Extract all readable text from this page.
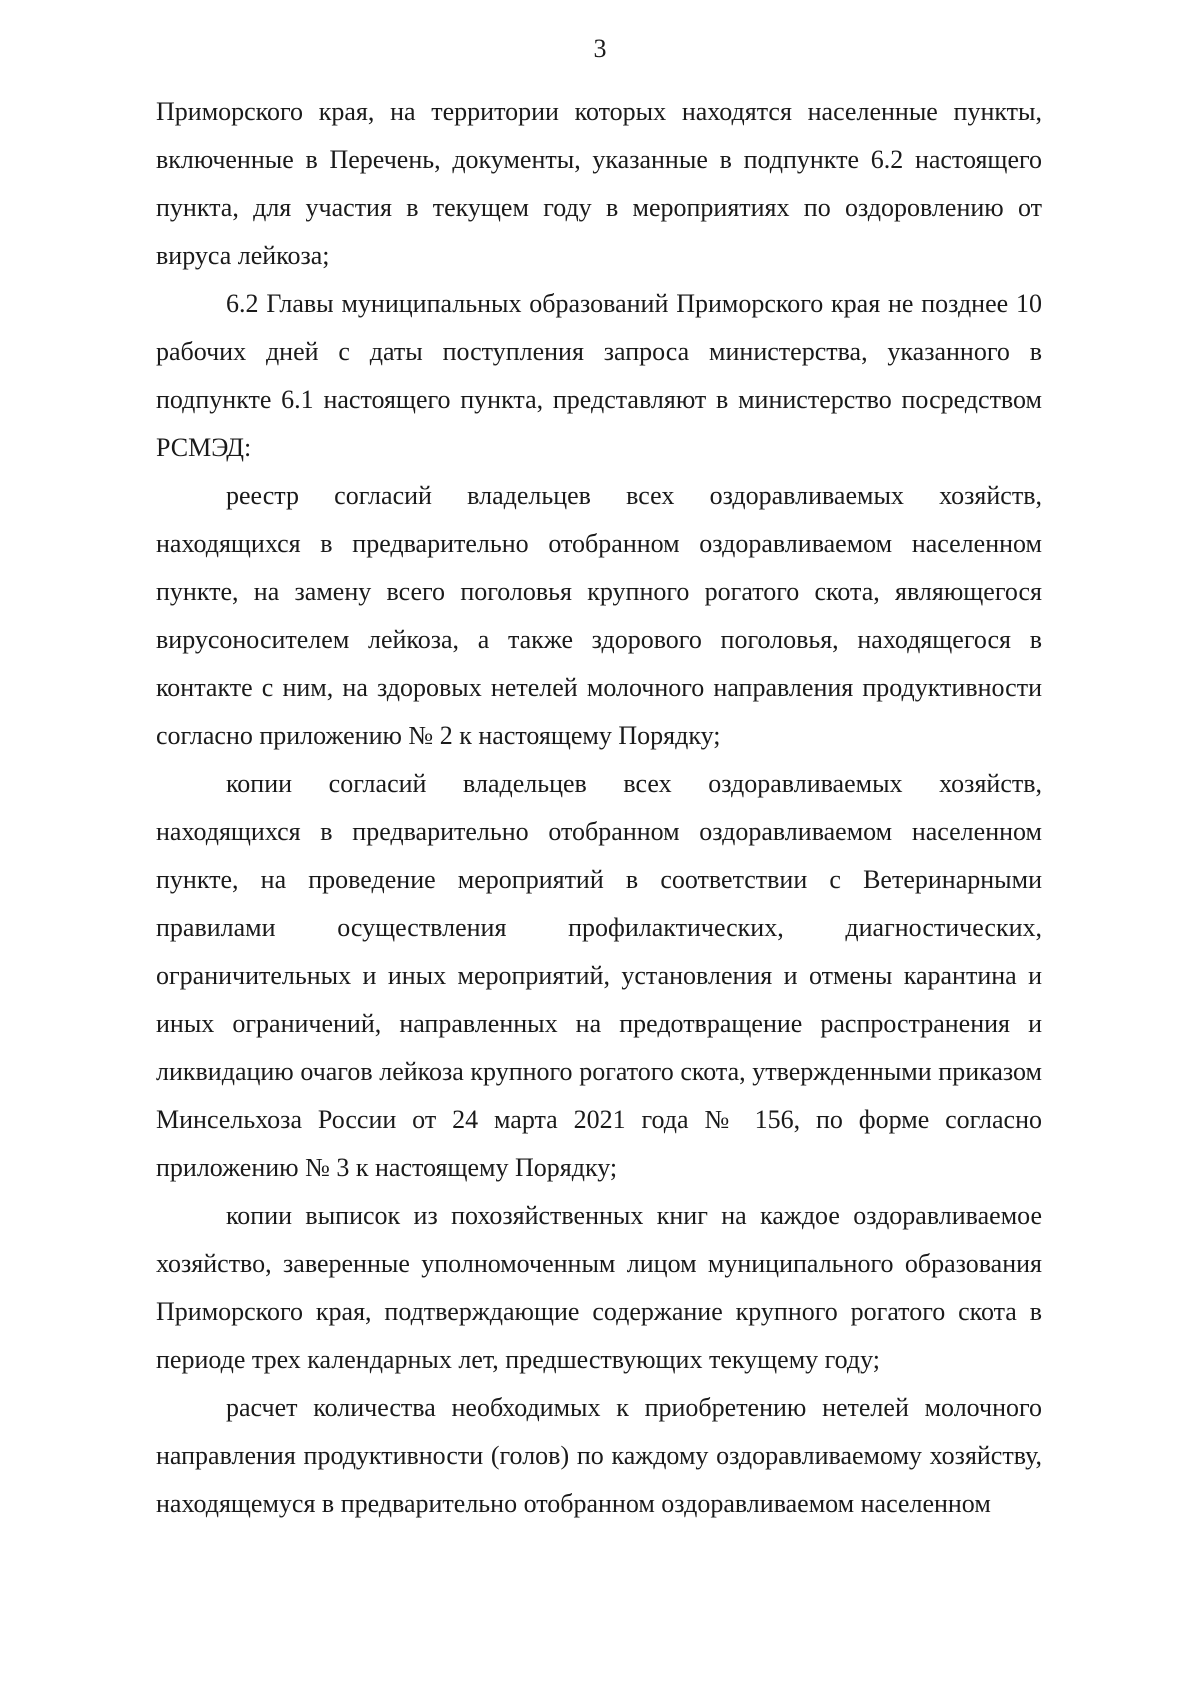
3

Приморского края, на территории которых находятся населенные пункты, включенные в Перечень, документы, указанные в подпункте 6.2 настоящего пункта, для участия в текущем году в мероприятиях по оздоровлению от вируса лейкоза;

6.2 Главы муниципальных образований Приморского края не позднее 10 рабочих дней с даты поступления запроса министерства, указанного в подпункте 6.1 настоящего пункта, представляют в министерство посредством РСМЭД:

реестр согласий владельцев всех оздоравливаемых хозяйств, находящихся в предварительно отобранном оздоравливаемом населенном пункте, на замену всего поголовья крупного рогатого скота, являющегося вирусоносителем лейкоза, а также здорового поголовья, находящегося в контакте с ним, на здоровых нетелей молочного направления продуктивности согласно приложению № 2 к настоящему Порядку;

копии согласий владельцев всех оздоравливаемых хозяйств, находящихся в предварительно отобранном оздоравливаемом населенном пункте, на проведение мероприятий в соответствии с Ветеринарными правилами осуществления профилактических, диагностических, ограничительных и иных мероприятий, установления и отмены карантина и иных ограничений, направленных на предотвращение распространения и ликвидацию очагов лейкоза крупного рогатого скота, утвержденными приказом Минсельхоза России от 24 марта 2021 года № 156, по форме согласно приложению № 3 к настоящему Порядку;

копии выписок из похозяйственных книг на каждое оздоравливаемое хозяйство, заверенные уполномоченным лицом муниципального образования Приморского края, подтверждающие содержание крупного рогатого скота в периоде трех календарных лет, предшествующих текущему году;

расчет количества необходимых к приобретению нетелей молочного направления продуктивности (голов) по каждому оздоравливаемому хозяйству, находящемуся в предварительно отобранном оздоравливаемом населенном
